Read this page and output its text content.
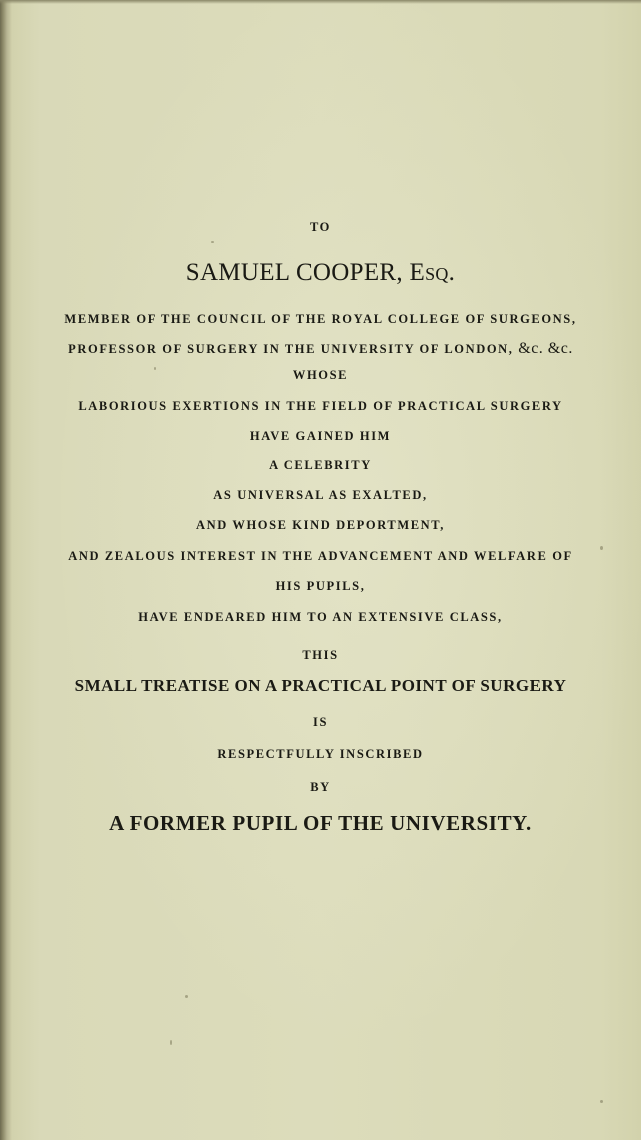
TO
SAMUEL COOPER, Esq.
MEMBER OF THE COUNCIL OF THE ROYAL COLLEGE OF SURGEONS,
PROFESSOR OF SURGERY IN THE UNIVERSITY OF LONDON, &c. &c.
WHOSE
LABORIOUS EXERTIONS IN THE FIELD OF PRACTICAL SURGERY
HAVE GAINED HIM
A CELEBRITY
AS UNIVERSAL AS EXALTED,
AND WHOSE KIND DEPORTMENT,
AND ZEALOUS INTEREST IN THE ADVANCEMENT AND WELFARE OF
HIS PUPILS,
HAVE ENDEARED HIM TO AN EXTENSIVE CLASS,
THIS
SMALL TREATISE ON A PRACTICAL POINT OF SURGERY
IS
RESPECTFULLY INSCRIBED
BY
A FORMER PUPIL OF THE UNIVERSITY.
